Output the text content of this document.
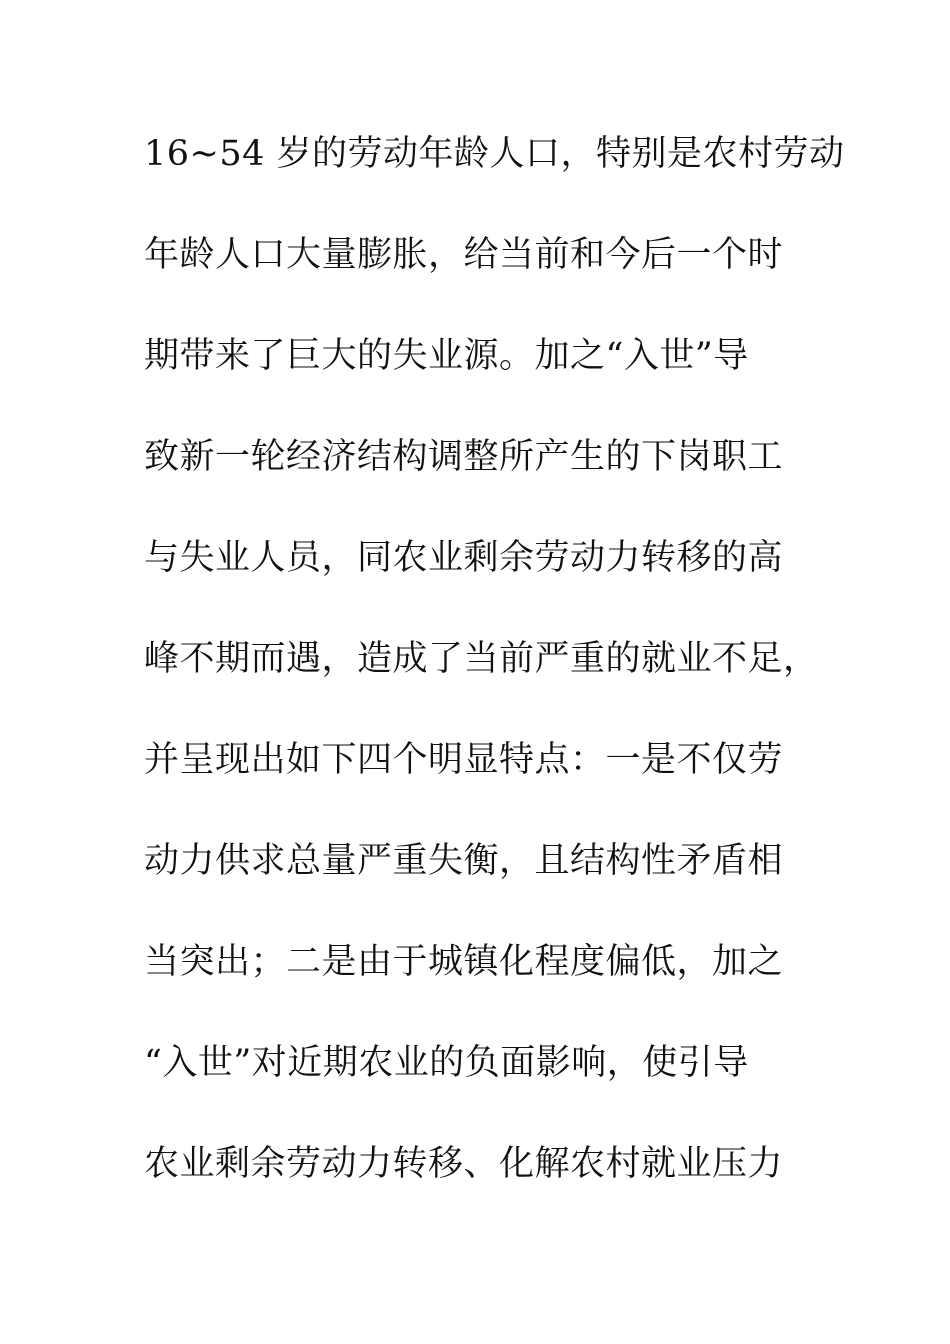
16~54 岁的劳动年龄人口，特别是农村劳动
年龄人口大量膨胀，给当前和今后一个时
期带来了巨大的失业源。加之“入世”导
致新一轮经济结构调整所产生的下岗职工
与失业人员，同农业剩余劳动力转移的高
峰不期而遇，造成了当前严重的就业不足，
并呈现出如下四个明显特点：一是不仅劳
动力供求总量严重失衡，且结构性矛盾相
当突出；二是由于城镇化程度偏低，加之
“入世”对近期农业的负面影响，使引导
农业剩余劳动力转移、化解农村就业压力
